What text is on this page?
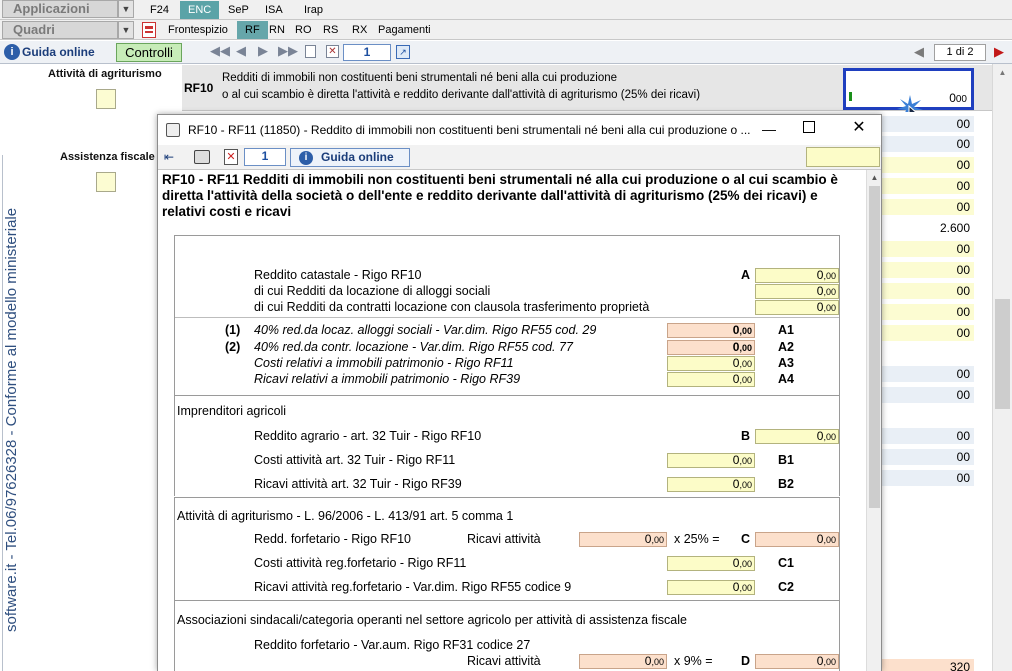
Applicazioni	▼	F24	ENC	SeP	ISA	Irap
Quadri	▼	Frontespizio	RF RN RO	RS	RX Pagamenti
i Guida online	Controlli	◀◀ ◀ ▶ ▶▶	✕	1	↗	◀	1 di 2	▶
Attività di agriturismo
Assistenza fiscale
software.it - Tel.06/97626328 - Conforme al modello ministeriale
RF10
Redditi di immobili non costituenti beni strumentali né beni alla cui produzione
o al cui scambio è diretta l'attività e reddito derivante dall'attività di agriturismo (25% dei ricavi)	000
00
00
00
00
00
2.600
00
00
00
00
00
00
00
00
00
00
320
▲
RF10 - RF11 (11850) - Reddito di immobili non costituenti beni strumentali né beni alla cui produzione o ... —	✕
⇤	✕	1	i	Guida online
RF10 - RF11 Redditi di immobili non costituenti beni strumentali né alla cui produzione o al cui scambio è diretta l'attività della società o dell'ente e reddito derivante dall'attività di agriturismo (25% dei ricavi) e relativi costi e ricavi
Reddito catastale - Rigo RF10	A	0,00
di cui Redditi da locazione di alloggi sociali	0,00
di cui Redditi da contratti locazione con clausola trasferimento proprietà	0,00
(1) 40% red.da locaz. alloggi sociali - Var.dim. Rigo RF55 cod. 29	0,00 A1
(2) 40% red.da contr. locazione - Var.dim. Rigo RF55 cod. 77	0,00 A2
Costi relativi a immobili patrimonio - Rigo RF11	0,00 A3
Ricavi relativi a immobili patrimonio - Rigo RF39	0,00 A4
Imprenditori agricoli
Reddito agrario - art. 32 Tuir - Rigo RF10	B	0,00
Costi attività art. 32 Tuir - Rigo RF11	0,00 B1
Ricavi attività art. 32 Tuir - Rigo RF39	0,00 B2
Attività di agriturismo - L. 96/2006 - L. 413/91 art. 5 comma 1
Redd. forfetario - Rigo RF10	Ricavi attività	0,00 x 25% = C	0,00
Costi attività reg.forfetario - Rigo RF11	0,00 C1
Ricavi attività reg.forfetario - Var.dim. Rigo RF55 codice 9	0,00 C2
Associazioni sindacali/categoria operanti nel settore agricolo per attività di assistenza fiscale
Reddito forfetario - Var.aum. Rigo RF31 codice 27
Ricavi attività	0,00 x 9% = D	0,00
▲
